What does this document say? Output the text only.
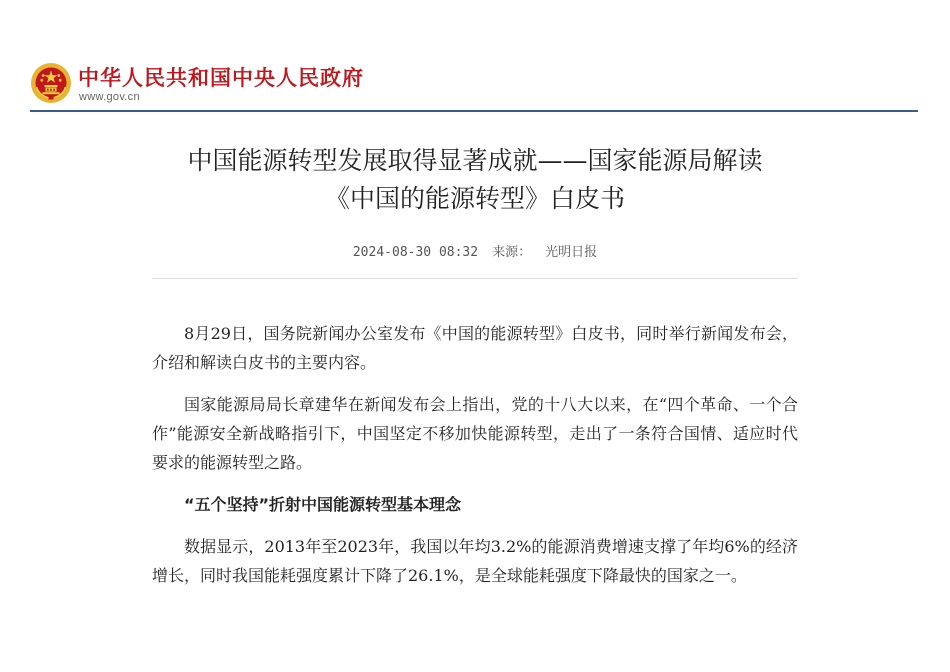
中华人民共和国中央人民政府
www.gov.cn
中国能源转型发展取得显著成就——国家能源局解读
《中国的能源转型》白皮书
2024-08-30 08:32 来源： 光明日报

8月29日，国务院新闻办公室发布《中国的能源转型》白皮书，同时举行新闻发布会，介绍和解读白皮书的主要内容。

国家能源局局长章建华在新闻发布会上指出，党的十八大以来，在“四个革命、一个合作”能源安全新战略指引下，中国坚定不移加快能源转型，走出了一条符合国情、适应时代要求的能源转型之路。

“五个坚持”折射中国能源转型基本理念

数据显示，2013年至2023年，我国以年均3.2%的能源消费增速支撑了年均6%的经济增长，同时我国能耗强度累计下降了26.1%，是全球能耗强度下降最快的国家之一。
